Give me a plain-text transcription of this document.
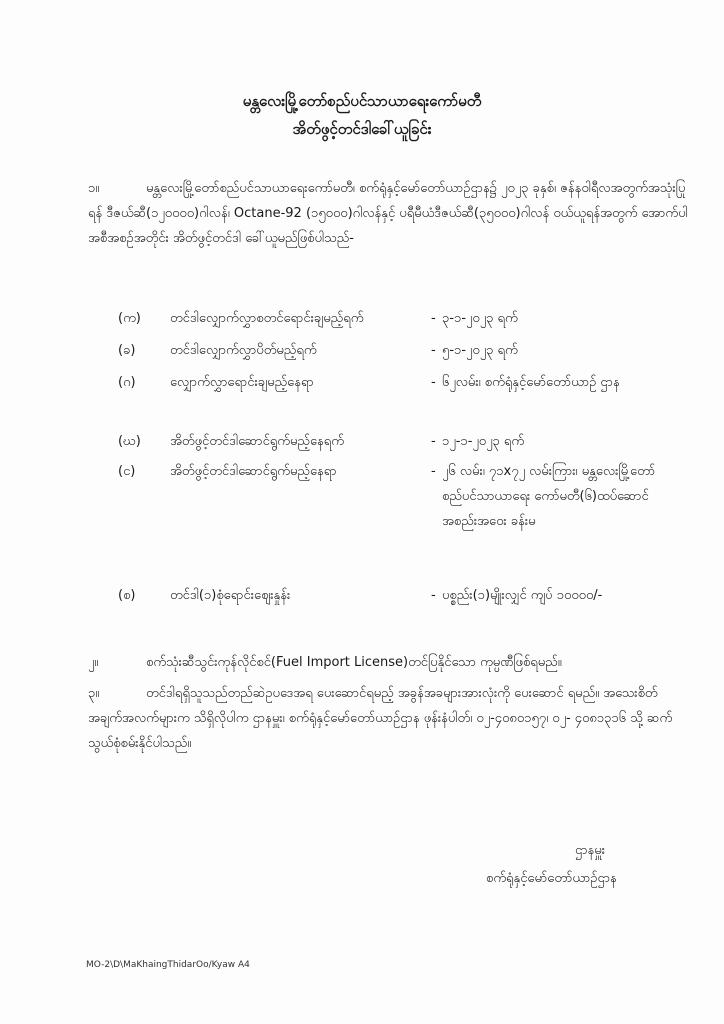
မန္တလေးမြို့တော်စည်ပင်သာယာရေးကော်မတီ
အိတ်ဖွင့်တင်ဒါခေါ်ယူခြင်း
၁။	မန္တလေးမြို့တော်စည်ပင်သာယာရေးကော်မတီ၊ စက်ရုံနှင့်မော်တော်ယာဉ်ဌာန၌ ၂၀၂၃ ခုနှစ်၊ ဇန်နဝါရီလအတွက်အသုံးပြုရန် ဒီဇယ်ဆီ(၁၂၀၀၀၀)ဂါလန်၊ Octane-92 (၁၅၀၀၀)ဂါလန်နှင့် ပရီမီယံဒီဇယ်ဆီ(၃၅၀၀၀)ဂါလန် ဝယ်ယူရန်အတွက် အောက်ပါအစီအစဉ်အတိုင်း အိတ်ဖွင့်တင်ဒါ ခေါ်ယူမည်ဖြစ်ပါသည်-
(က)	တင်ဒါလျှောက်လွှာစတင်ရောင်းချမည့်ရက်	- ၃-၁-၂၀၂၃ ရက်
(ခ)	တင်ဒါလျှောက်လွှာပိတ်မည့်ရက်	- ၅-၁-၂၀၂၃ ရက်
(ဂ)	လျှောက်လွှာရောင်းချမည့်နေရာ	- ၆၂လမ်း၊ စက်ရုံနှင့်မော်တော်ယာဉ် ဌာန
(ဃ)	အိတ်ဖွင့်တင်ဒါဆောင်ရွက်မည့်နေရက်	- ၁၂-၁-၂၀၂၃ ရက်
(င)	အိတ်ဖွင့်တင်ဒါဆောင်ရွက်မည့်နေရာ	- ၂၆ လမ်း၊ ၇၁x၇၂ လမ်းကြား၊ မန္တလေးမြို့တော်စည်ပင်သာယာရေး ကော်မတီ(၆)ထပ်ဆောင်အစည်းအဝေး ခန်းမ
(စ)	တင်ဒါ(၁)စုံရောင်းဈေးနှုန်း	- ပစ္စည်း(၁)မျိုးလျှင် ကျပ် ၁၀၀၀၀/-
၂။	စက်သုံးဆီသွင်းကုန်လိုင်စင်(Fuel Import License)တင်ပြနိုင်သော ကုမ္ပဏီဖြစ်ရမည်။
၃။	တင်ဒါရရှိသူသည်တည်ဆဲဥပဒေအရ ပေးဆောင်ရမည့် အခွန်အခများအားလုံးကို ပေးဆောင် ရမည်။ အသေးစိတ်အချက်အလက်များက သိရှိလိုပါက ဌာနမှူး၊ စက်ရုံနှင့်မော်တော်ယာဉ်ဌာန ဖုန်းနံပါတ်၊ ၀၂-၄၀၈၀၁၅၇၊ ၀၂- ၄၀၈၁၃၁၆ သို့ ဆက်သွယ်စုံစမ်းနိုင်ပါသည်။
ဌာနမှူး
စက်ရုံနှင့်မော်တော်ယာဉ်ဌာန
MO-2\D\MaKhaingThidarOo/Kyaw A4
